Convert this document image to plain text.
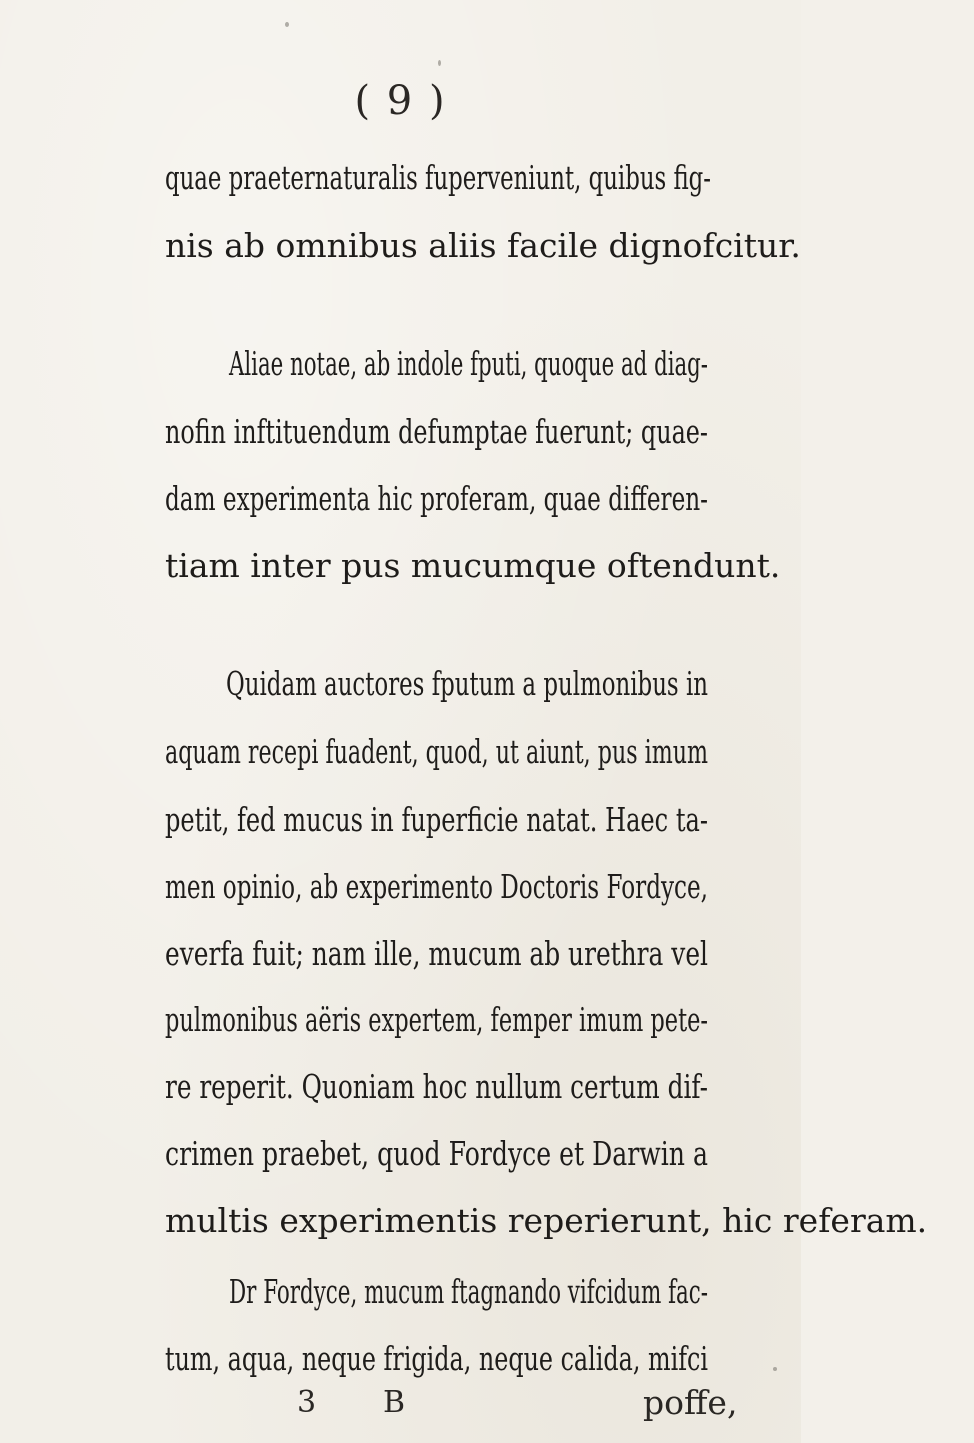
( 9 )
quae praeternaturalis fuperveniunt, quibus fig-
nis ab omnibus aliis facile dignofcitur.
Aliae notae, ab indole fputi, quoque ad diag-
nofin inftituendum defumptae fuerunt; quae-
dam experimenta hic proferam, quae differen-
tiam inter pus mucumque oftendunt.
Quidam auctores fputum a pulmonibus in
aquam recepi fuadent, quod, ut aiunt, pus imum
petit, fed mucus in fuperficie natat. Haec ta-
men opinio, ab experimento Doctoris Fordyce,
everfa fuit; nam ille, mucum ab urethra vel
pulmonibus aëris expertem, femper imum pete-
re reperit. Quoniam hoc nullum certum dif-
crimen praebet, quod Fordyce et Darwin a
multis experimentis reperierunt, hic referam.
Dr Fordyce, mucum ftagnando vifcidum fac-
3 B	poffe,
tum, aqua, neque frigida, neque calida, mifci
